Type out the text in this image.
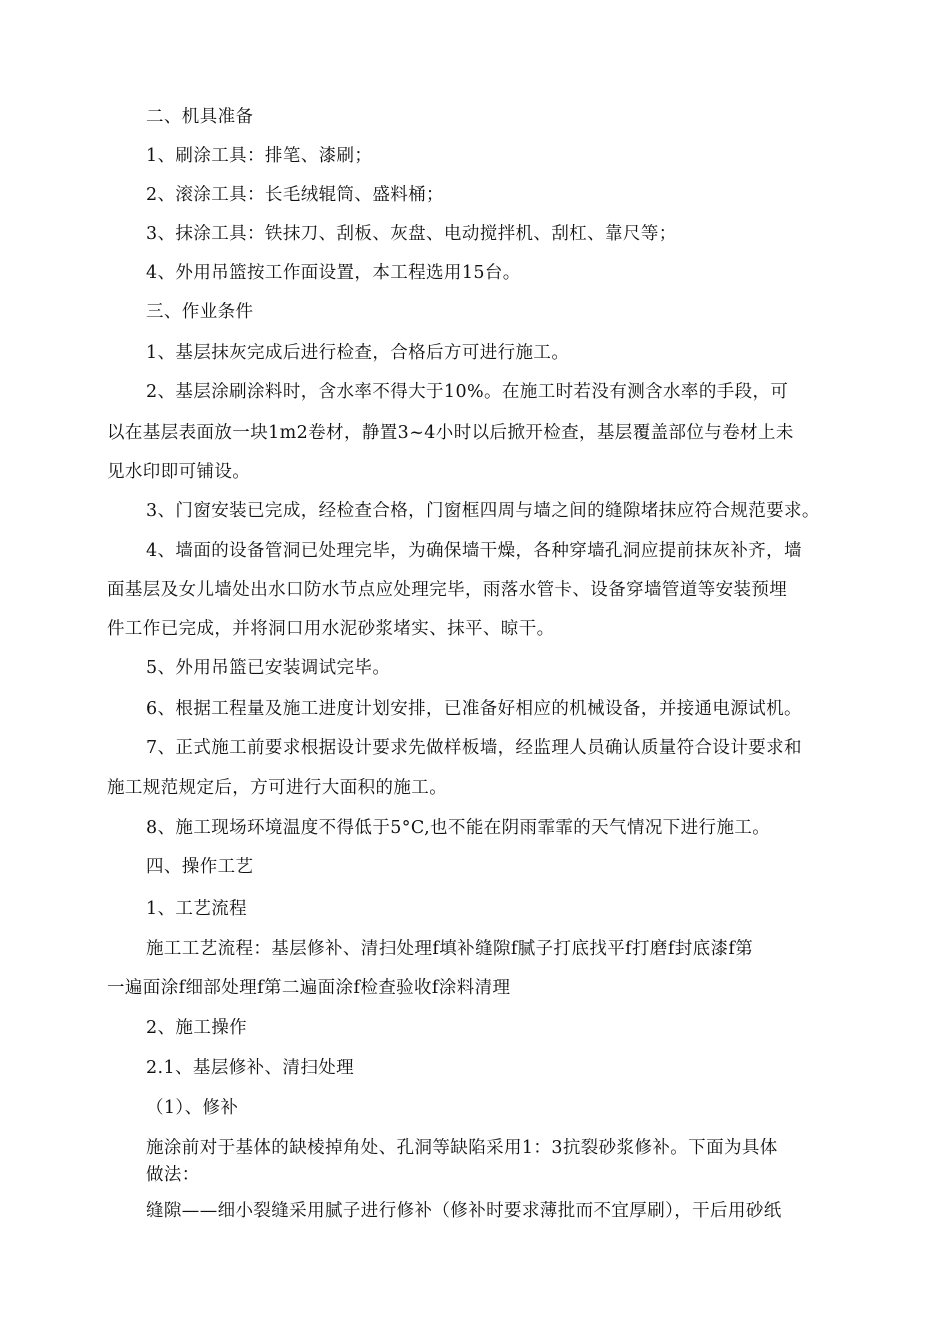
二、机具准备
1、刷涂工具：排笔、漆刷；
2、滚涂工具：长毛绒辊筒、盛料桶；
3、抹涂工具：铁抹刀、刮板、灰盘、电动搅拌机、刮杠、靠尺等；
4、外用吊篮按工作面设置，本工程选用15台。
三、作业条件
1、基层抹灰完成后进行检查，合格后方可进行施工。
2、基层涂刷涂料时，含水率不得大于10%。在施工时若没有测含水率的手段，可
以在基层表面放一块1m2卷材，静置3~4小时以后掀开检查，基层覆盖部位与卷材上未
见水印即可铺设。
3、门窗安装已完成，经检查合格，门窗框四周与墙之间的缝隙堵抹应符合规范要求。
4、墙面的设备管洞已处理完毕，为确保墙干燥，各种穿墙孔洞应提前抹灰补齐，墙
面基层及女儿墙处出水口防水节点应处理完毕，雨落水管卡、设备穿墙管道等安装预埋
件工作已完成，并将洞口用水泥砂浆堵实、抹平、晾干。
5、外用吊篮已安装调试完毕。
6、根据工程量及施工进度计划安排，已准备好相应的机械设备，并接通电源试机。
7、正式施工前要求根据设计要求先做样板墙，经监理人员确认质量符合设计要求和
施工规范规定后，方可进行大面积的施工。
8、施工现场环境温度不得低于5°C,也不能在阴雨霏霏的天气情况下进行施工。
四、操作工艺
1、工艺流程
施工工艺流程：基层修补、清扫处理f填补缝隙f腻子打底找平f打磨f封底漆f第
一遍面涂f细部处理f第二遍面涂f检查验收f涂料清理
2、施工操作
2.1、基层修补、清扫处理
（1）、修补
施涂前对于基体的缺棱掉角处、孔洞等缺陷采用1：3抗裂砂浆修补。下面为具体
做法：
缝隙——细小裂缝采用腻子进行修补（修补时要求薄批而不宜厚刷），干后用砂纸
